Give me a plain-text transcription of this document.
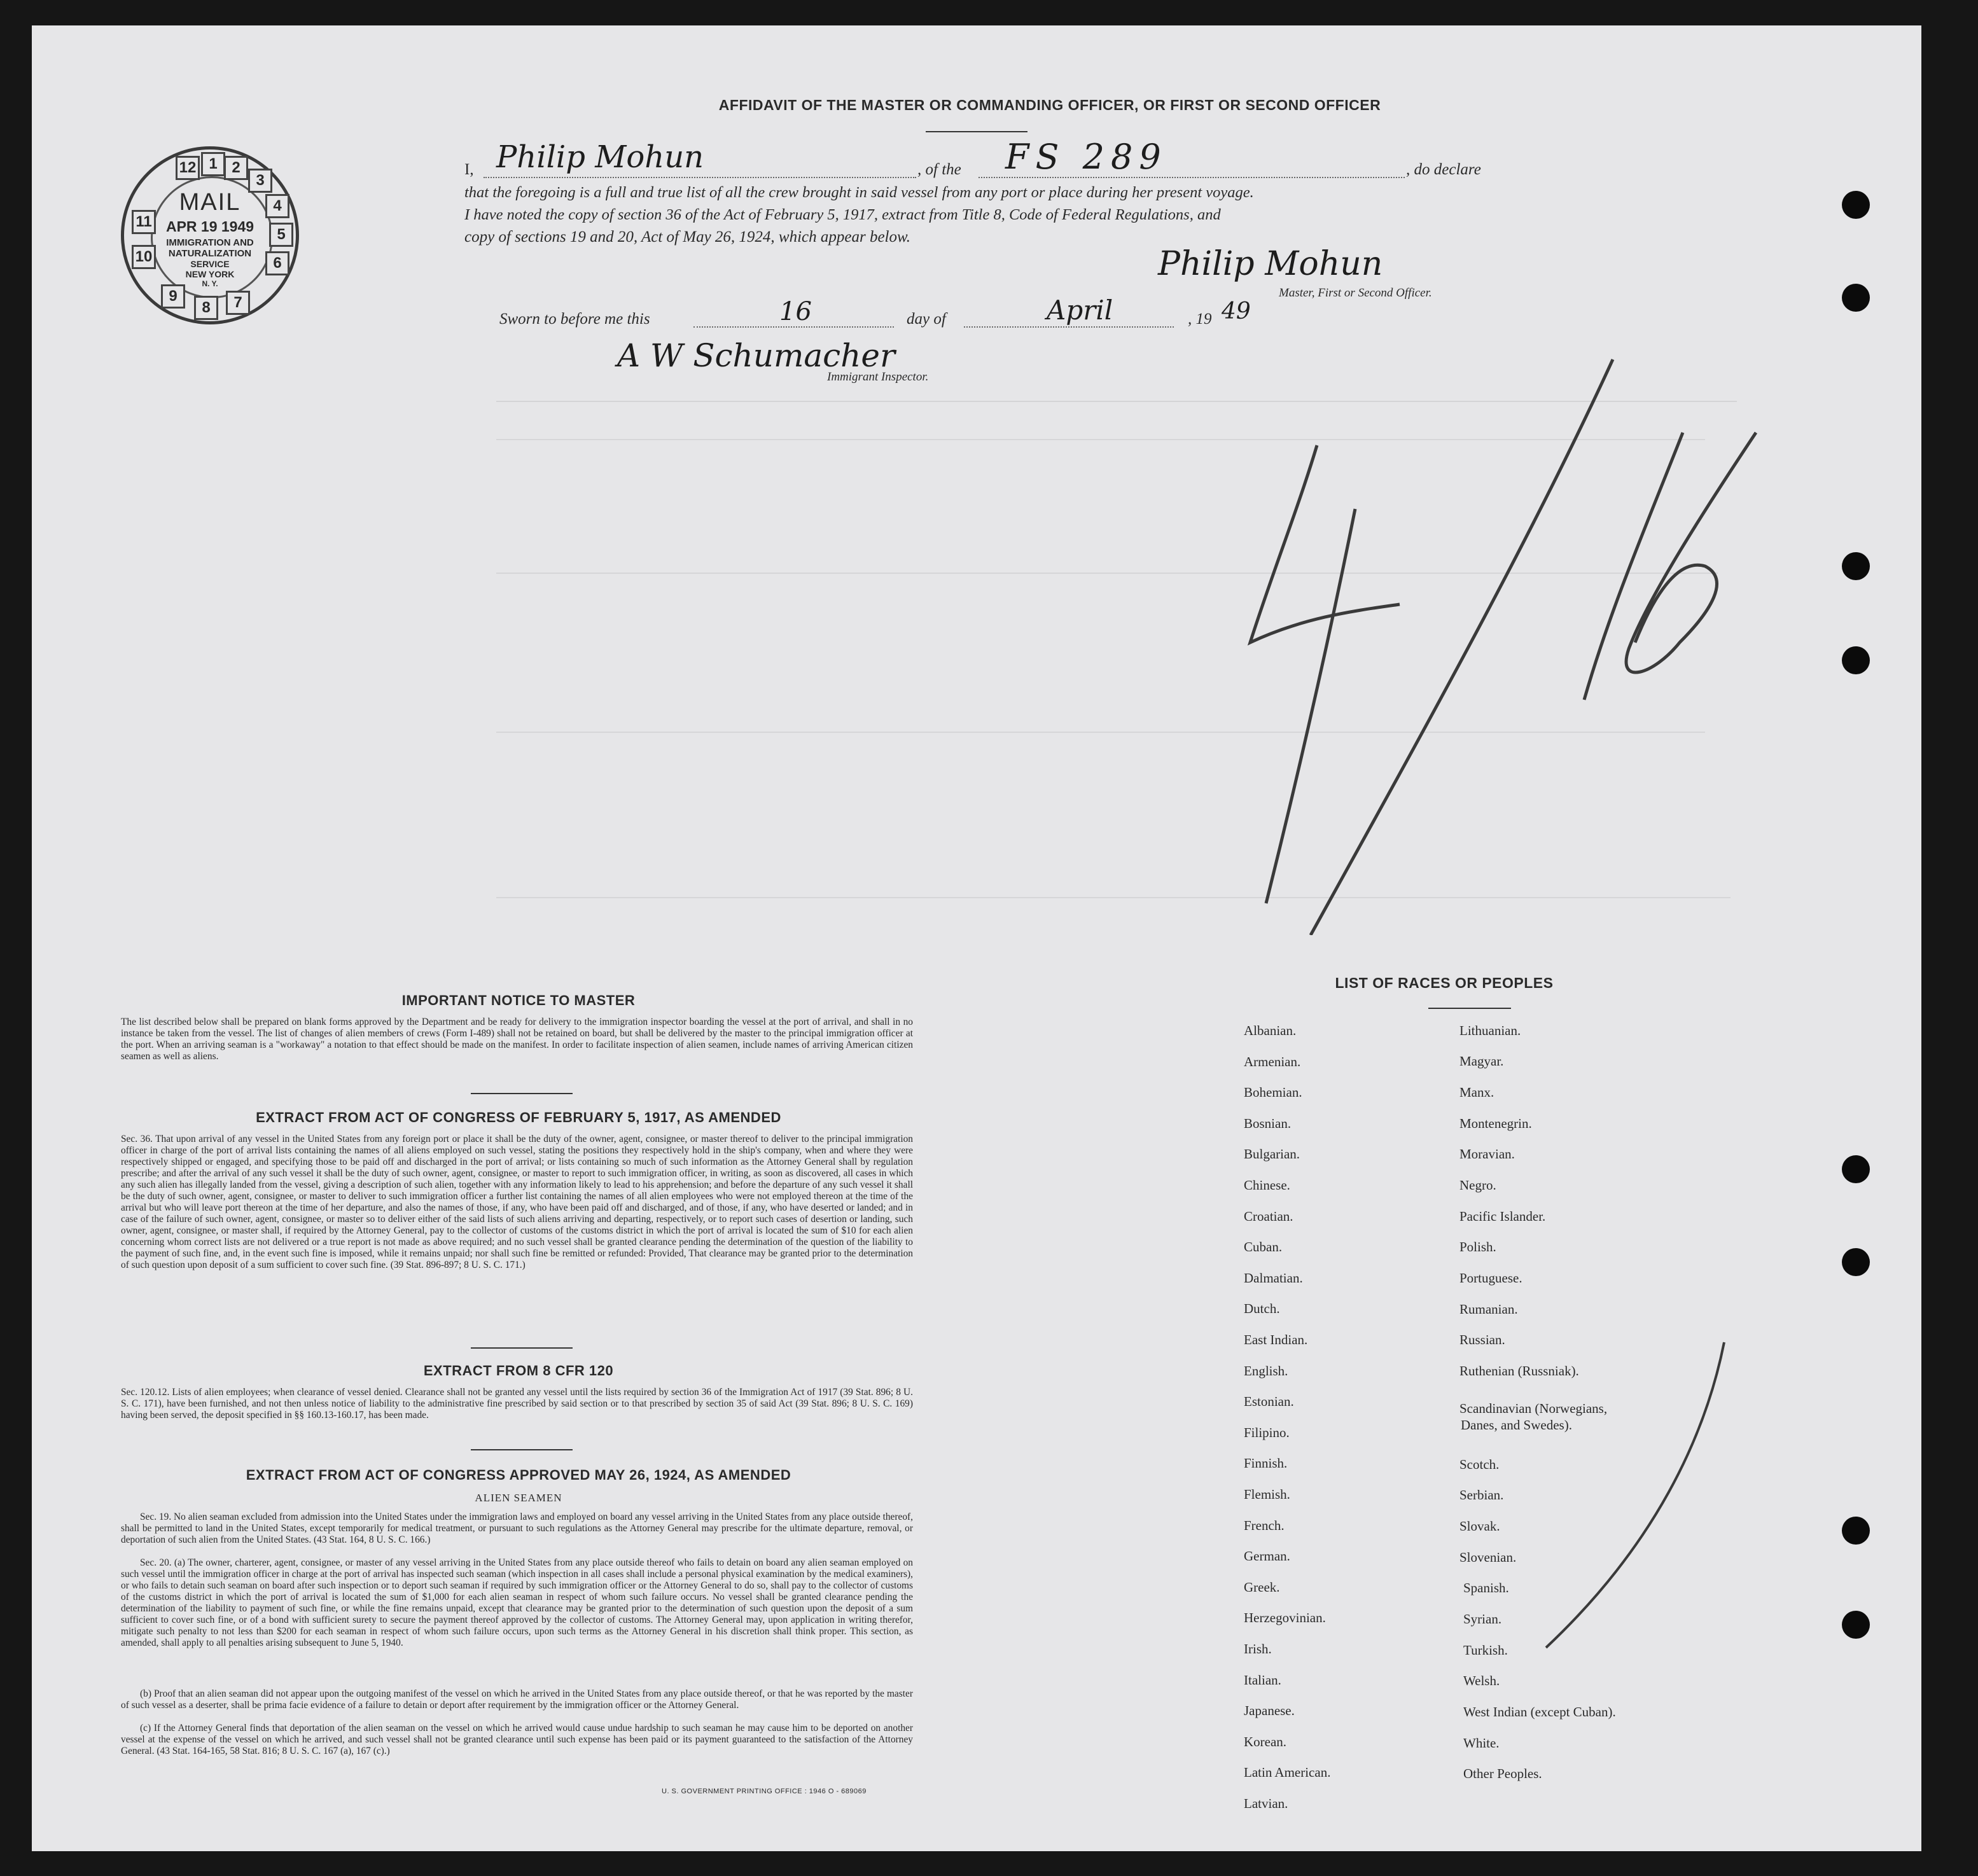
12 1 2
3
4
5
6
7
8
9
10
11
MAIL
APR 19 1949
IMMIGRATION AND
NATURALIZATION
SERVICE
NEW YORK
N. Y.
AFFIDAVIT OF THE MASTER OR COMMANDING OFFICER, OR FIRST OR SECOND OFFICER
I, Philip Mohun	, of the FS 289	, do declare
that the foregoing is a full and true list of all the crew brought in said vessel from any port or place during her present voyage.
I have noted the copy of section 36 of the Act of February 5, 1917, extract from Title 8, Code of Federal Regulations, and
copy of sections 19 and 20, Act of May 26, 1924, which appear below.
Philip Mohun
Master, First or Second Officer.
Sworn to before me this	16	day of	April	, 19 49
A W Schumacher
Immigrant Inspector.
IMPORTANT NOTICE TO MASTER
The list described below shall be prepared on blank forms approved by the Department and be ready for delivery to the immigration inspector boarding the vessel at the port of arrival, and shall in no instance be taken from the vessel. The list of changes of alien members of crews (Form I-489) shall not be retained on board, but shall be delivered by the master to the principal immigration officer at the port. When an arriving seaman is a "workaway" a notation to that effect should be made on the manifest. In order to facilitate inspection of alien seamen, include names of arriving American citizen seamen as well as aliens.
EXTRACT FROM ACT OF CONGRESS OF FEBRUARY 5, 1917, AS AMENDED
Sec. 36. That upon arrival of any vessel in the United States from any foreign port or place it shall be the duty of the owner, agent, consignee, or master thereof to deliver to the principal immigration officer in charge of the port of arrival lists containing the names of all aliens employed on such vessel, stating the positions they respectively hold in the ship's company, when and where they were respectively shipped or engaged, and specifying those to be paid off and discharged in the port of arrival; or lists containing so much of such information as the Attorney General shall by regulation prescribe; and after the arrival of any such vessel it shall be the duty of such owner, agent, consignee, or master to report to such immigration officer, in writing, as soon as discovered, all cases in which any such alien has illegally landed from the vessel, giving a description of such alien, together with any information likely to lead to his apprehension; and before the departure of any such vessel it shall be the duty of such owner, agent, consignee, or master to deliver to such immigration officer a further list containing the names of all alien employees who were not employed thereon at the time of the arrival but who will leave port thereon at the time of her departure, and also the names of those, if any, who have been paid off and discharged, and of those, if any, who have deserted or landed; and in case of the failure of such owner, agent, consignee, or master so to deliver either of the said lists of such aliens arriving and departing, respectively, or to report such cases of desertion or landing, such owner, agent, consignee, or master shall, if required by the Attorney General, pay to the collector of customs of the customs district in which the port of arrival is located the sum of $10 for each alien concerning whom correct lists are not delivered or a true report is not made as above required; and no such vessel shall be granted clearance pending the determination of the question of the liability to the payment of such fine, and, in the event such fine is imposed, while it remains unpaid; nor shall such fine be remitted or refunded: Provided, That clearance may be granted prior to the determination of such question upon deposit of a sum sufficient to cover such fine. (39 Stat. 896-897; 8 U. S. C. 171.)
EXTRACT FROM 8 CFR 120
Sec. 120.12. Lists of alien employees; when clearance of vessel denied. Clearance shall not be granted any vessel until the lists required by section 36 of the Immigration Act of 1917 (39 Stat. 896; 8 U. S. C. 171), have been furnished, and not then unless notice of liability to the administrative fine prescribed by said section or to that prescribed by section 35 of said Act (39 Stat. 896; 8 U. S. C. 169) having been served, the deposit specified in §§ 160.13-160.17, has been made.
EXTRACT FROM ACT OF CONGRESS APPROVED MAY 26, 1924, AS AMENDED
ALIEN SEAMEN
Sec. 19. No alien seaman excluded from admission into the United States under the immigration laws and employed on board any vessel arriving in the United States from any place outside thereof, shall be permitted to land in the United States, except temporarily for medical treatment, or pursuant to such regulations as the Attorney General may prescribe for the ultimate departure, removal, or deportation of such alien from the United States. (43 Stat. 164, 8 U. S. C. 166.)
Sec. 20. (a) The owner, charterer, agent, consignee, or master of any vessel arriving in the United States from any place outside thereof who fails to detain on board any alien seaman employed on such vessel until the immigration officer in charge at the port of arrival has inspected such seaman (which inspection in all cases shall include a personal physical examination by the medical examiners), or who fails to detain such seaman on board after such inspection or to deport such seaman if required by such immigration officer or the Attorney General to do so, shall pay to the collector of customs of the customs district in which the port of arrival is located the sum of $1,000 for each alien seaman in respect of whom such failure occurs. No vessel shall be granted clearance pending the determination of the liability to payment of such fine, or while the fine remains unpaid, except that clearance may be granted prior to the determination of such question upon the deposit of a sum sufficient to cover such fine, or of a bond with sufficient surety to secure the payment thereof approved by the collector of customs. The Attorney General may, upon application in writing therefor, mitigate such penalty to not less than $200 for each seaman in respect of whom such failure occurs, upon such terms as the Attorney General in his discretion shall think proper. This section, as amended, shall apply to all penalties arising subsequent to June 5, 1940.
(b) Proof that an alien seaman did not appear upon the outgoing manifest of the vessel on which he arrived in the United States from any place outside thereof, or that he was reported by the master of such vessel as a deserter, shall be prima facie evidence of a failure to detain or deport after requirement by the immigration officer or the Attorney General.
(c) If the Attorney General finds that deportation of the alien seaman on the vessel on which he arrived would cause undue hardship to such seaman he may cause him to be deported on another vessel at the expense of the vessel on which he arrived, and such vessel shall not be granted clearance until such expense has been paid or its payment guaranteed to the satisfaction of the Attorney General. (43 Stat. 164-165, 58 Stat. 816; 8 U. S. C. 167 (a), 167 (c).)
U. S. GOVERNMENT PRINTING OFFICE : 1946 O - 689069
LIST OF RACES OR PEOPLES
Albanian.
Armenian.
Bohemian.
Bosnian.
Bulgarian.
Chinese.
Croatian.
Cuban.
Dalmatian.
Dutch.
East Indian.
English.
Estonian.
Filipino.
Finnish.
Flemish.
French.
German.
Greek.
Herzegovinian.
Irish.
Italian.
Japanese.
Korean.
Latin American.
Latvian.
Lithuanian.
Magyar.
Manx.
Montenegrin.
Moravian.
Negro.
Pacific Islander.
Polish.
Portuguese.
Rumanian.
Russian.
Ruthenian (Russniak).
Scandinavian (Norwegians,
Danes, and Swedes).
Scotch.
Serbian.
Slovak.
Slovenian.
Spanish.
Syrian.
Turkish.
Welsh.
West Indian (except Cuban).
White.
Other Peoples.
